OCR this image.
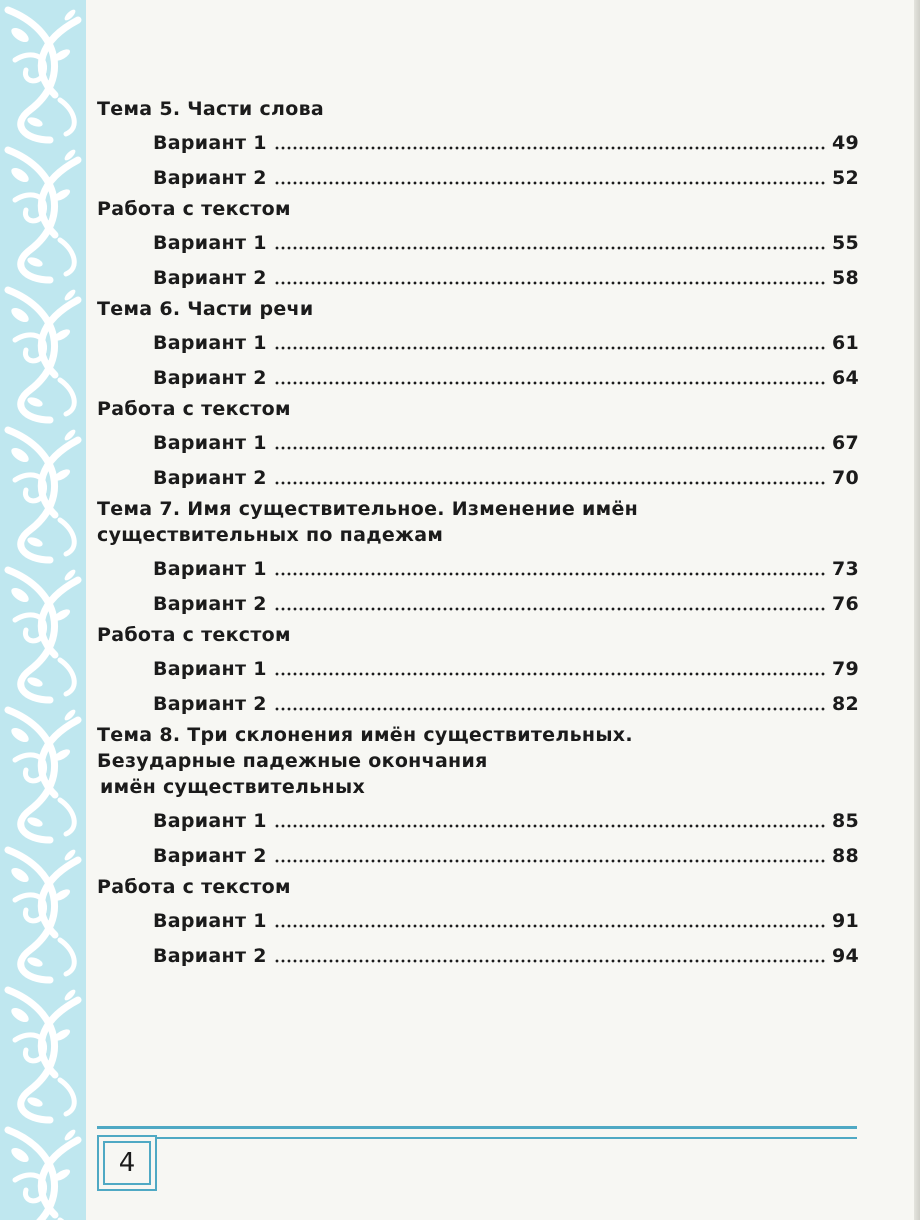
Тема 5. Части слова
Вариант 1	49
Вариант 2	52
Работа с текстом
Вариант 1	55
Вариант 2	58
Тема 6. Части речи
Вариант 1	61
Вариант 2	64
Работа с текстом
Вариант 1	67
Вариант 2	70
Тема 7. Имя существительное. Изменение имён
существительных по падежам
Вариант 1	73
Вариант 2	76
Работа с текстом
Вариант 1	79
Вариант 2	82
Тема 8. Три склонения имён существительных.
Безударные падежные окончания
имён существительных
Вариант 1	85
Вариант 2	88
Работа с текстом
Вариант 1	91
Вариант 2	94
4
